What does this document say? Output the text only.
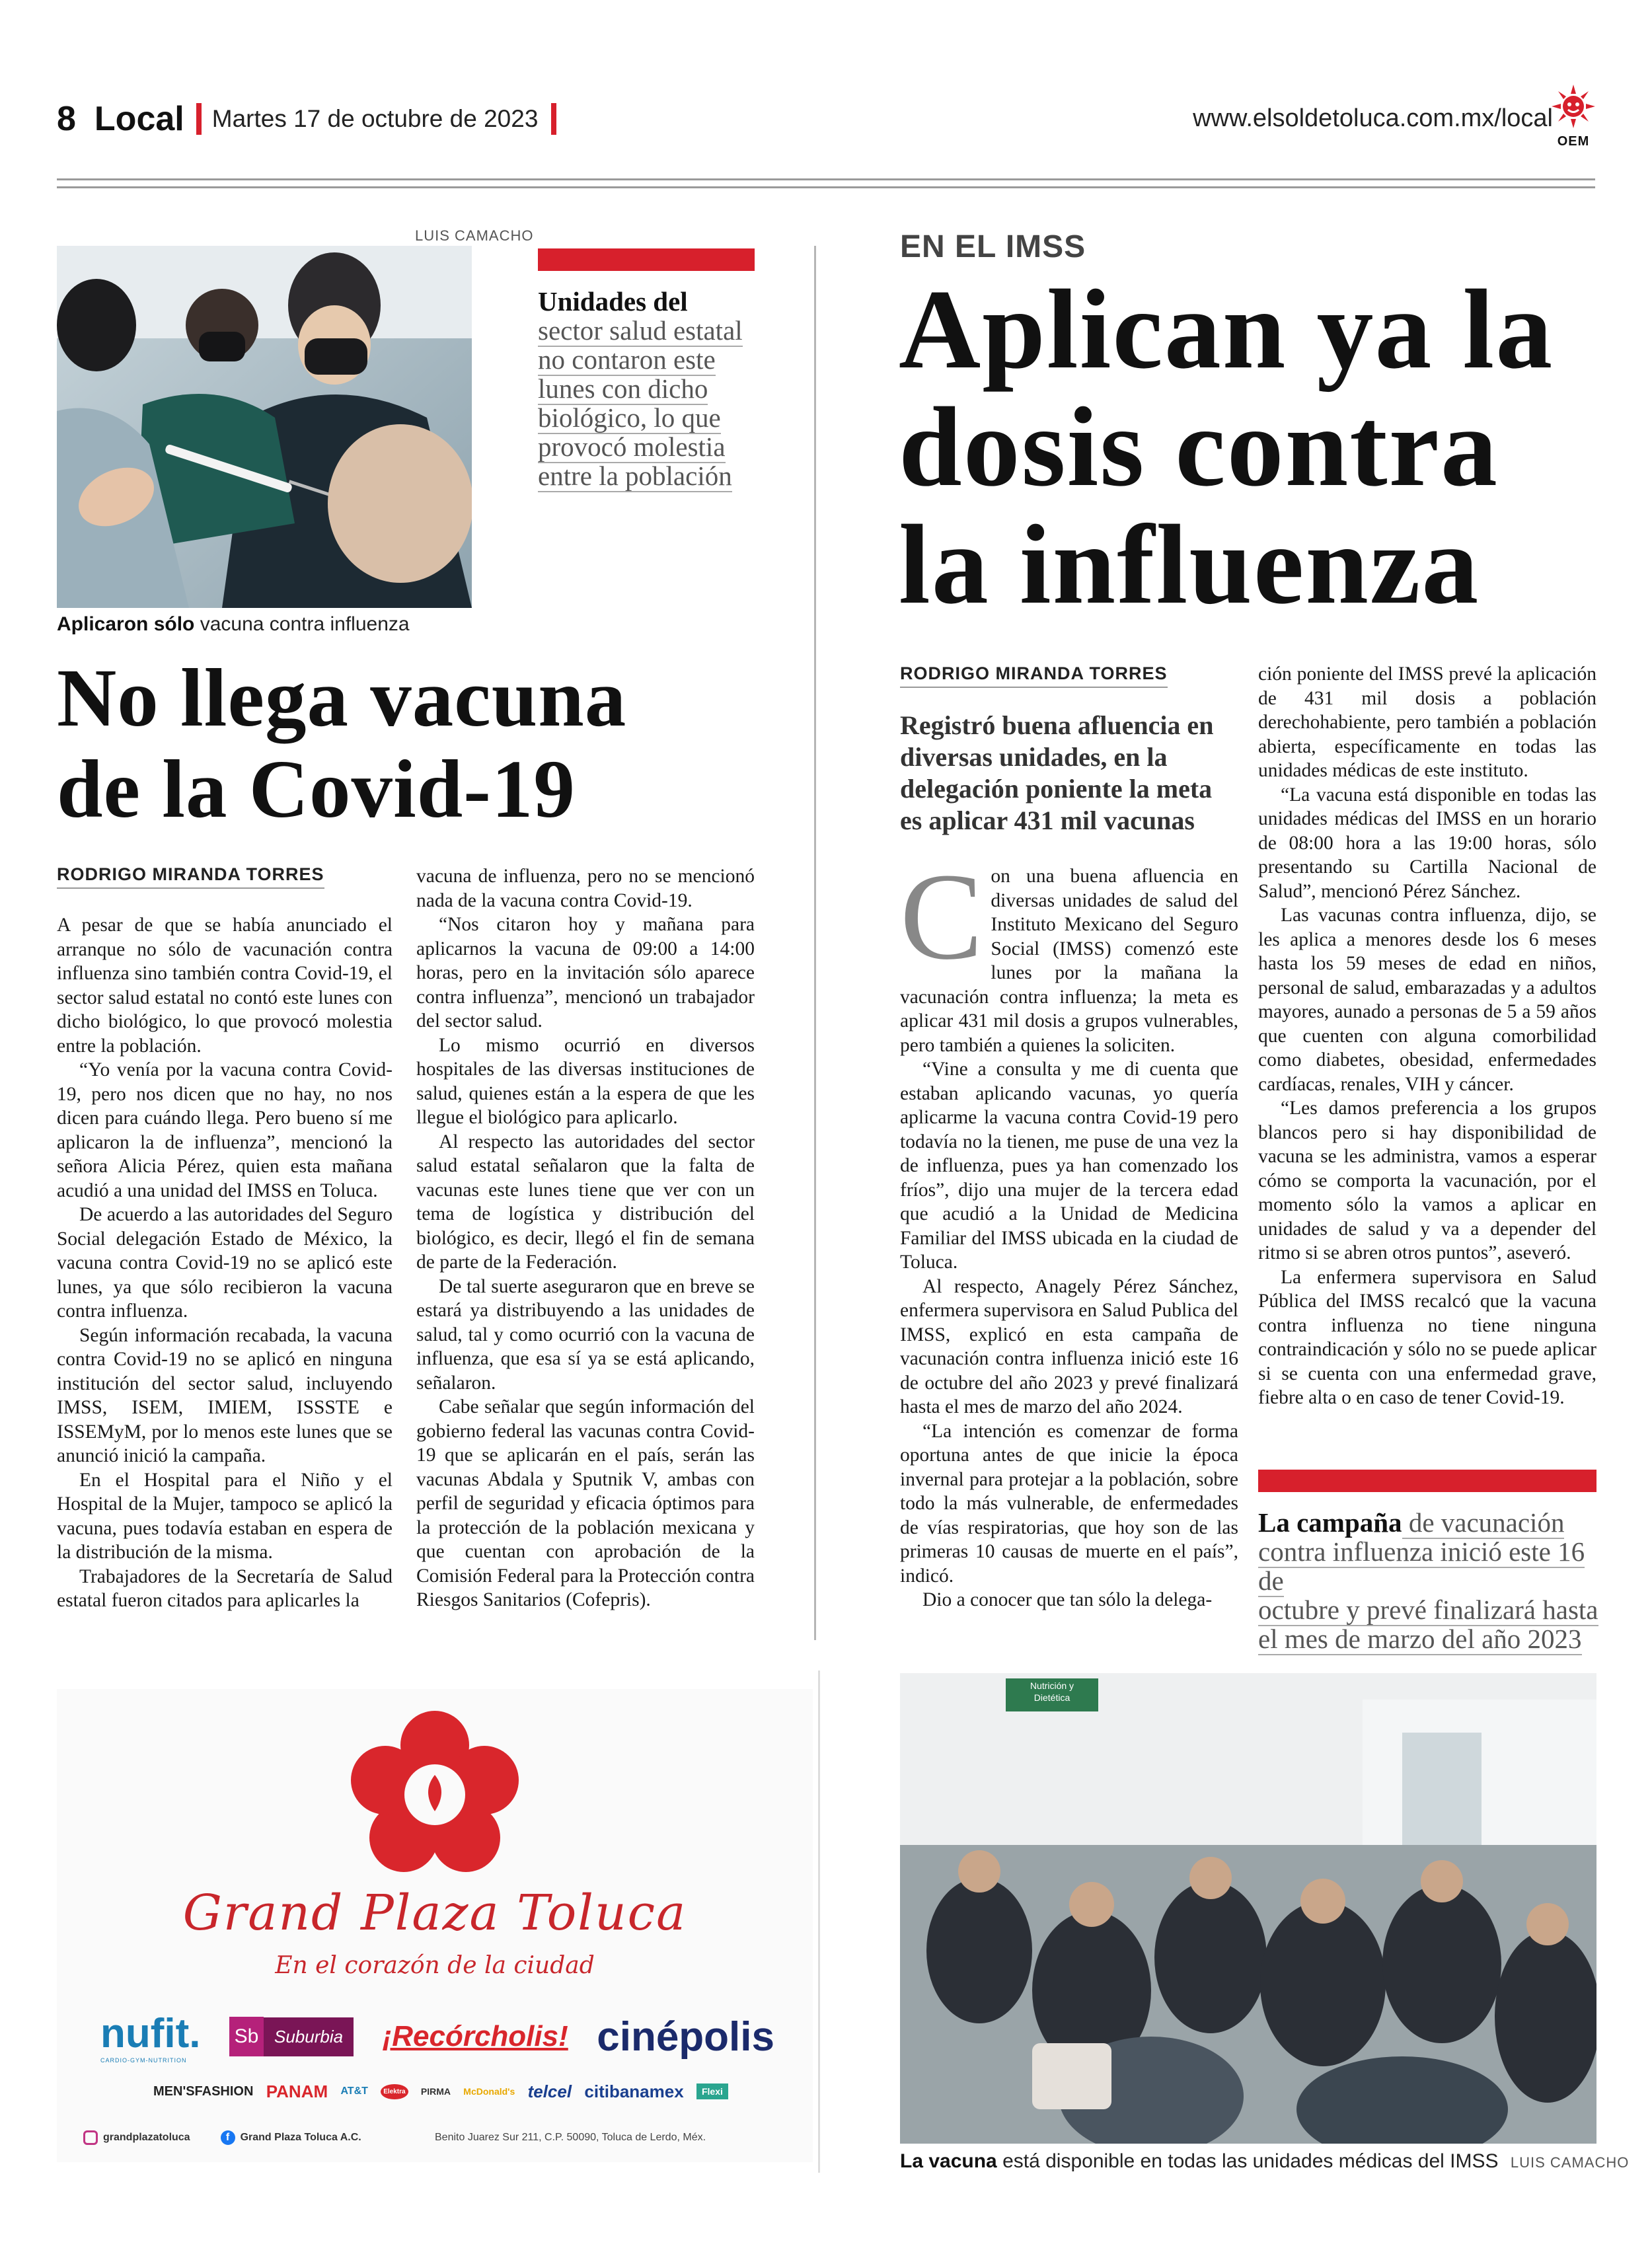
8 Local Martes 17 de octubre de 2023	www.elsoldetoluca.com.mx/local
OEM
LUIS CAMACHO
Aplicaron sólo vacuna contra influenza
Unidades del
sector salud estatal
no contaron este
lunes con dicho
biológico, lo que
provocó molestia
entre la población
No llega vacuna
de la Covid-19
RODRIGO MIRANDA TORRES

A pesar de que se había anunciado el arranque no sólo de vacunación contra influenza sino también contra Covid-19, el sector salud estatal no contó este lunes con dicho biológico, lo que provocó molestia entre la población.

“Yo venía por la vacuna contra Covid-19, pero nos dicen que no hay, no nos dicen para cuándo llega. Pero bueno sí me aplicaron la de influenza”, mencionó la señora Alicia Pérez, quien esta mañana acudió a una unidad del IMSS en Toluca.

De acuerdo a las autoridades del Seguro Social delegación Estado de México, la vacuna contra Covid-19 no se aplicó este lunes, ya que sólo recibieron la vacuna contra influenza.

Según información recabada, la vacuna contra Covid-19 no se aplicó en ninguna institución del sector salud, incluyendo IMSS, ISEM, IMIEM, ISSSTE e ISSEMyM, por lo menos este lunes que se anunció inició la campaña.

En el Hospital para el Niño y el Hospital de la Mujer, tampoco se aplicó la vacuna, pues todavía estaban en espera de la distribución de la misma.

Trabajadores de la Secretaría de Salud estatal fueron citados para aplicarles la

vacuna de influenza, pero no se mencionó nada de la vacuna contra Covid-19.

“Nos citaron hoy y mañana para aplicarnos la vacuna de 09:00 a 14:00 horas, pero en la invitación sólo aparece contra influenza”, mencionó un trabajador del sector salud.

Lo mismo ocurrió en diversos hospitales de las diversas instituciones de salud, quienes están a la espera de que les llegue el biológico para aplicarlo.

Al respecto las autoridades del sector salud estatal señalaron que la falta de vacunas este lunes tiene que ver con un tema de logística y distribución del biológico, es decir, llegó el fin de semana de parte de la Federación.

De tal suerte aseguraron que en breve se estará ya distribuyendo a las unidades de salud, tal y como ocurrió con la vacuna de influenza, que esa sí ya se está aplicando, señalaron.

Cabe señalar que según información del gobierno federal las vacunas contra Covid-19 que se aplicarán en el país, serán las vacunas Abdala y Sputnik V, ambas con perfil de seguridad y eficacia óptimos para la protección de la población mexicana y que cuentan con aprobación de la Comisión Federal para la Protección contra Riesgos Sanitarios (Cofepris).

EN EL IMSS
Aplican ya la
dosis contra
la influenza
RODRIGO MIRANDA TORRES
Registró buena afluencia en diversas unidades, en la delegación poniente la meta es aplicar 431 mil vacunas
C on una buena afluencia en diversas unidades de salud del Instituto Mexicano del Seguro Social (IMSS) comenzó este lunes por la mañana la vacunación contra influenza; la meta es aplicar 431 mil dosis a grupos vulnerables, pero también a quienes la soliciten.

“Vine a consulta y me di cuenta que estaban aplicando vacunas, yo quería aplicarme la vacuna contra Covid-19 pero todavía no la tienen, me puse de una vez la de influenza, pues ya han comenzado los fríos”, dijo una mujer de la tercera edad que acudió a la Unidad de Medicina Familiar del IMSS ubicada en la ciudad de Toluca.

Al respecto, Anagely Pérez Sánchez, enfermera supervisora en Salud Publica del IMSS, explicó en esta campaña de vacunación contra influenza inició este 16 de octubre del año 2023 y prevé finalizará hasta el mes de marzo del año 2024.

“La intención es comenzar de forma oportuna antes de que inicie la época invernal para protejar a la población, sobre todo la más vulnerable, de enfermedades de vías respiratorias, que hoy son de las primeras 10 causas de muerte en el país”, indicó.

Dio a conocer que tan sólo la delega-

ción poniente del IMSS prevé la aplicación de 431 mil dosis a población derechohabiente, pero también a población abierta, específicamente en todas las unidades médicas de este instituto.

“La vacuna está disponible en todas las unidades médicas del IMSS en un horario de 08:00 hora a las 19:00 horas, sólo presentando su Cartilla Nacional de Salud”, mencionó Pérez Sánchez.

Las vacunas contra influenza, dijo, se les aplica a menores desde los 6 meses hasta los 59 meses de edad en niños, personal de salud, embarazadas y a adultos mayores, aunado a personas de 5 a 59 años que cuenten con alguna comorbilidad como diabetes, obesidad, enfermedades cardíacas, renales, VIH y cáncer.

“Les damos preferencia a los grupos blancos pero si hay disponibilidad de vacuna se les administra, vamos a esperar cómo se comporta la vacunación, por el momento sólo la vamos a aplicar en unidades de salud y va a depender del ritmo si se abren otros puntos”, aseveró.

La enfermera supervisora en Salud Pública del IMSS recalcó que la vacuna contra influenza no tiene ninguna contraindicación y sólo no se puede aplicar si se cuenta con una enfermedad grave, fiebre alta o en caso de tener Covid-19.

La campaña de vacunación
contra influenza inició este 16 de
octubre y prevé finalizará hasta
el mes de marzo del año 2023
Nutrición y
Dietética
La vacuna está disponible en todas las unidades médicas del IMSS LUIS CAMACHO
Grand Plaza Toluca
En el corazón de la ciudad
nufit.
CARDIO-GYM-NUTRITION
Sb Suburbia	¡Recórcholis! cinépolis
MEN'SFASHION PANAM AT&T	Elektra PIRMA McDonald's telcel citibanamex	Flexi
grandplazatoluca	f	Grand Plaza Toluca A.C.	Benito Juarez Sur 211, C.P. 50090, Toluca de Lerdo, Méx.
